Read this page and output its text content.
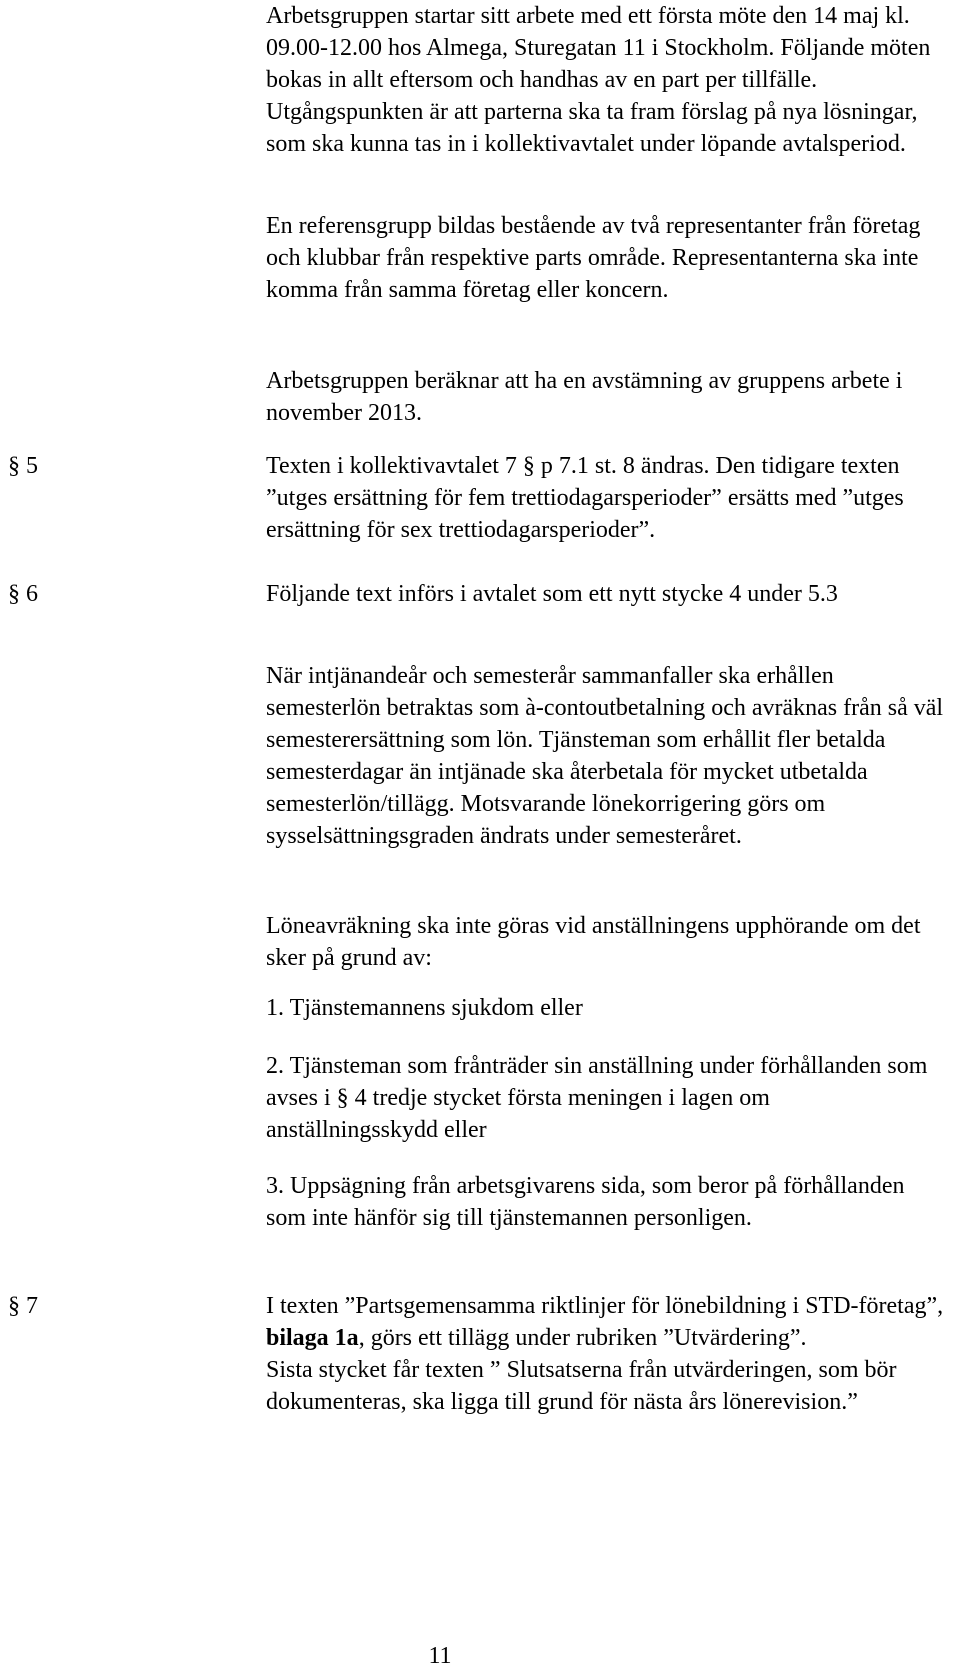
Arbetsgruppen startar sitt arbete med ett första möte den 14 maj kl. 09.00-12.00 hos Almega, Sturegatan 11 i Stockholm. Följande möten bokas in allt eftersom och handhas av en part per tillfälle. Utgångspunkten är att parterna ska ta fram förslag på nya lösningar, som ska kunna tas in i kollektivavtalet under löpande avtalsperiod.

En referensgrupp bildas bestående av två representanter från företag och klubbar från respektive parts område. Representanterna ska inte komma från samma företag eller koncern.

Arbetsgruppen beräknar att ha en avstämning av gruppens arbete i november 2013.

§ 5	Texten i kollektivavtalet 7 § p 7.1 st. 8 ändras. Den tidigare texten ”utges ersättning för fem trettiodagarsperioder” ersätts med ”utges ersättning för sex trettiodagarsperioder”.

§ 6	Följande text införs i avtalet som ett nytt stycke 4 under 5.3

När intjänandeår och semesterår sammanfaller ska erhållen semesterlön betraktas som à-contoutbetalning och avräknas från så väl semesterersättning som lön. Tjänsteman som erhållit fler betalda semesterdagar än intjänade ska återbetala för mycket utbetalda semesterlön/tillägg. Motsvarande lönekorrigering görs om sysselsättningsgraden ändrats under semesteråret.

Löneavräkning ska inte göras vid anställningens upphörande om det sker på grund av:

1. Tjänstemannens sjukdom eller

2. Tjänsteman som frånträder sin anställning under förhållanden som avses i § 4 tredje stycket första meningen i lagen om anställningsskydd eller

3. Uppsägning från arbetsgivarens sida, som beror på förhållanden som inte hänför sig till tjänstemannen personligen.

§ 7	I texten ”Partsgemensamma riktlinjer för lönebildning i STD-företag”, bilaga 1a, görs ett tillägg under rubriken ”Utvärdering”.

Sista stycket får texten ” Slutsatserna från utvärderingen, som bör dokumenteras, ska ligga till grund för nästa års lönerevision.”

11
